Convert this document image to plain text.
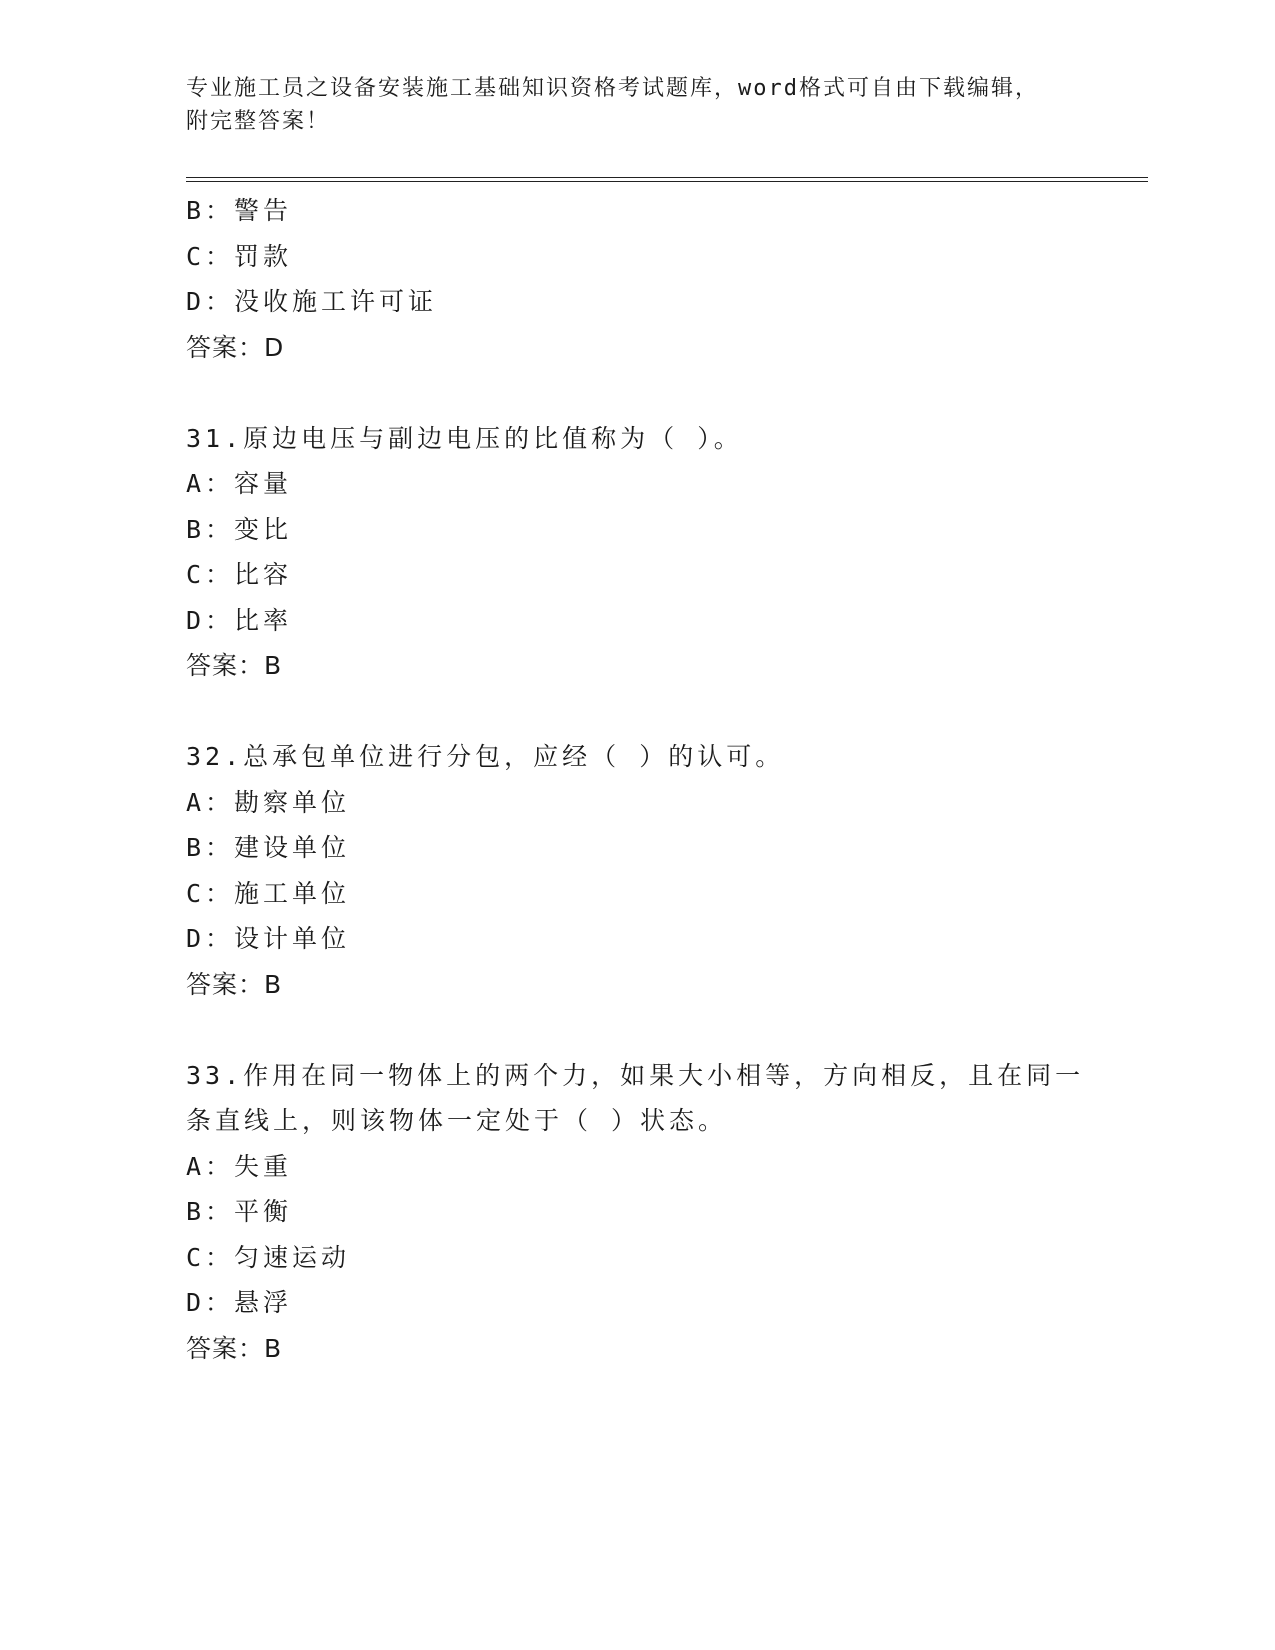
专业施工员之设备安装施工基础知识资格考试题库，word格式可自由下载编辑，
附完整答案！
B：警告
C：罚款
D：没收施工许可证
答案：D
31.原边电压与副边电压的比值称为（ ）。
A：容量
B：变比
C：比容
D：比率
答案：B
32.总承包单位进行分包，应经（ ）的认可。
A：勘察单位
B：建设单位
C：施工单位
D：设计单位
答案：B
33.作用在同一物体上的两个力，如果大小相等，方向相反，且在同一
条直线上，则该物体一定处于（ ）状态。
A：失重
B：平衡
C：匀速运动
D：悬浮
答案：B
